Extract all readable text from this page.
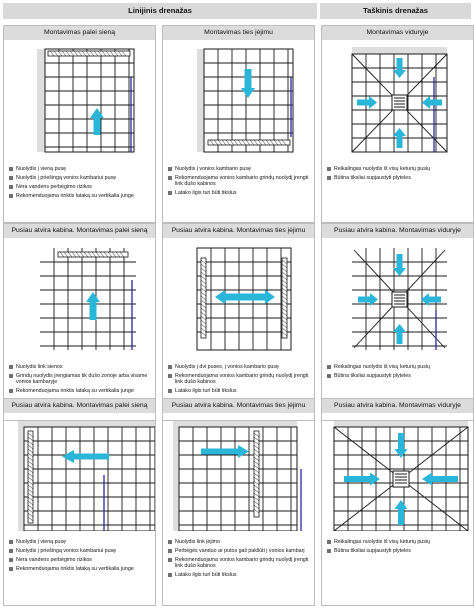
Linijinis drenažas	Taškinis drenažas
Montavimas palei sieną
Nuolydis į vieną pusę
Nuolydis į priešingą vonios kambariui pusę
Nėra vandens perbėgimo rizikos
Rekomenduojama rinktis lataką su vertikalia junge
Montavimas ties įėjimu
Nuolydis į vonios kambario pusę
Rekomenduojama vonios kambario grindų nuolydį įrengti link dušo kabinos
Latako ilgis turi būti tikslus
Montavimas viduryje
Reikalingas nuolydis iš visų keturių pusių
Būtina tiksliai supjaustyti plyteles
Pusiau atvira kabina. Montavimas palei sieną
Nuolydis link sienos
Grindų nuolydis įrengiamas tik dušo zonoje arba visame vonios kambaryje
Rekomenduojama rinktis lataką su vertikalia junge
Pusiau atvira kabina. Montavimas ties įėjimu
Nuolydis į dvi puses, į vonios kambario pusę
Rekomenduojama vonios kambario grindų nuolydį įrengti link dušo kabinos
Latako ilgis turi būti tikslus
Pusiau atvira kabina. Montavimas viduryje
Reikalingas nuolydis iš visų keturių pusių
Būtina tiksliai supjaustyti plyteles
Pusiau atvira kabina. Montavimas palei sieną
Nuolydis į vieną pusę
Nuolydis į priešingą vonios kambariui pusę
Nėra vandens perbėgimo rizikos
Rekomenduojama rinktis lataką su vertikalia junge
Pusiau atvira kabina. Montavimas ties įėjimu
Nuolydis link įėjimo
Perbėgės vanduo ar putos gali pakliūti į vonios kambarį
Rekomenduojama vonios kambario grindų nuolydį įrengti link dušo kabinos
Latako ilgis turi būti tikslus
Pusiau atvira kabina. Montavimas viduryje
Reikalingas nuolydis iš visų keturių pusių
Būtina tiksliai supjaustyti plyteles
